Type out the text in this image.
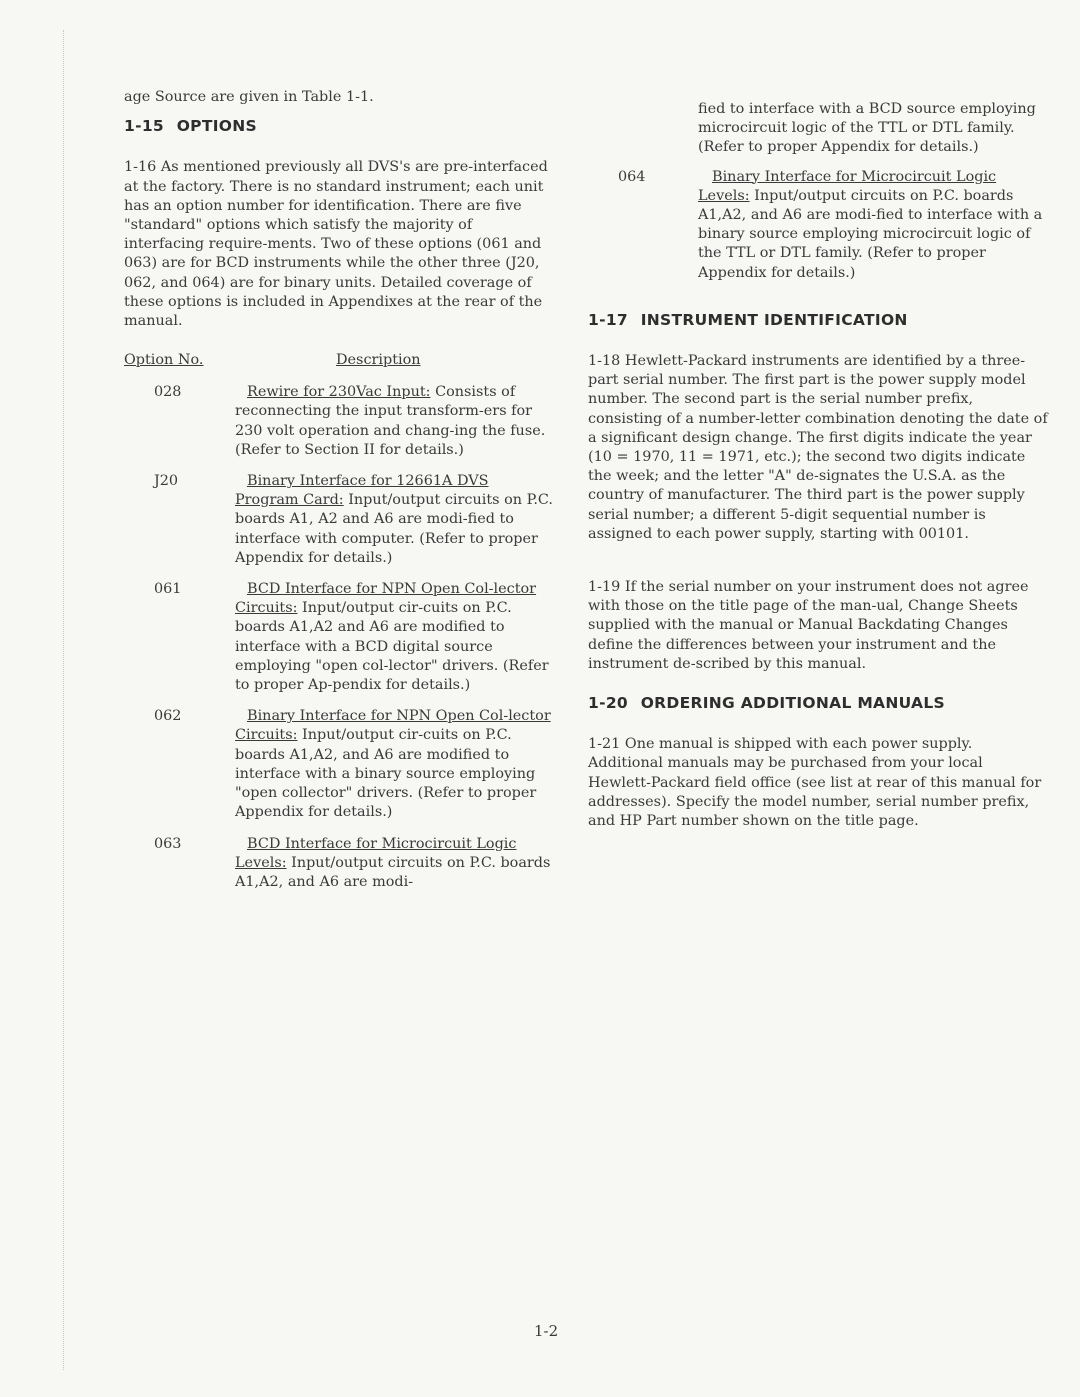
age Source are given in Table 1-1.

1-15 OPTIONS

1-16 As mentioned previously all DVS's are pre-interfaced at the factory. There is no standard instrument; each unit has an option number for identification. There are five "standard" options which satisfy the majority of interfacing require-ments. Two of these options (061 and 063) are for BCD instruments while the other three (J20, 062, and 064) are for binary units. Detailed coverage of these options is included in Appendixes at the rear of the manual.

Option No.	Description
028	Rewire for 230Vac Input: Consists of reconnecting the input transform-ers for 230 volt operation and chang-ing the fuse. (Refer to Section II for details.)
J20	Binary Interface for 12661A DVS Program Card: Input/output circuits on P.C. boards A1, A2 and A6 are modi-fied to interface with computer. (Refer to proper Appendix for details.)
061	BCD Interface for NPN Open Col-lector Circuits: Input/output cir-cuits on P.C. boards A1,A2 and A6 are modified to interface with a BCD digital source employing "open col-lector" drivers. (Refer to proper Ap-pendix for details.)
062	Binary Interface for NPN Open Col-lector Circuits: Input/output cir-cuits on P.C. boards A1,A2, and A6 are modified to interface with a binary source employing "open collector" drivers. (Refer to proper Appendix for details.)
063	BCD Interface for Microcircuit Logic Levels: Input/output circuits on P.C. boards A1,A2, and A6 are modi-

fied to interface with a BCD source employing microcircuit logic of the TTL or DTL family. (Refer to proper Appendix for details.)

064	Binary Interface for Microcircuit Logic Levels: Input/output circuits on P.C. boards A1,A2, and A6 are modi-fied to interface with a binary source employing microcircuit logic of the TTL or DTL family. (Refer to proper Appendix for details.)
1-17 INSTRUMENT IDENTIFICATION

1-18 Hewlett-Packard instruments are identified by a three-part serial number. The first part is the power supply model number. The second part is the serial number prefix, consisting of a number-letter combination denoting the date of a significant design change. The first digits indicate the year (10 = 1970, 11 = 1971, etc.); the second two digits indicate the week; and the letter "A" de-signates the U.S.A. as the country of manufacturer. The third part is the power supply serial number; a different 5-digit sequential number is assigned to each power supply, starting with 00101.

1-19 If the serial number on your instrument does not agree with those on the title page of the man-ual, Change Sheets supplied with the manual or Manual Backdating Changes define the differences between your instrument and the instrument de-scribed by this manual.

1-20 ORDERING ADDITIONAL MANUALS

1-21 One manual is shipped with each power supply. Additional manuals may be purchased from your local Hewlett-Packard field office (see list at rear of this manual for addresses). Specify the model number, serial number prefix, and HP Part number shown on the title page.

1-2
